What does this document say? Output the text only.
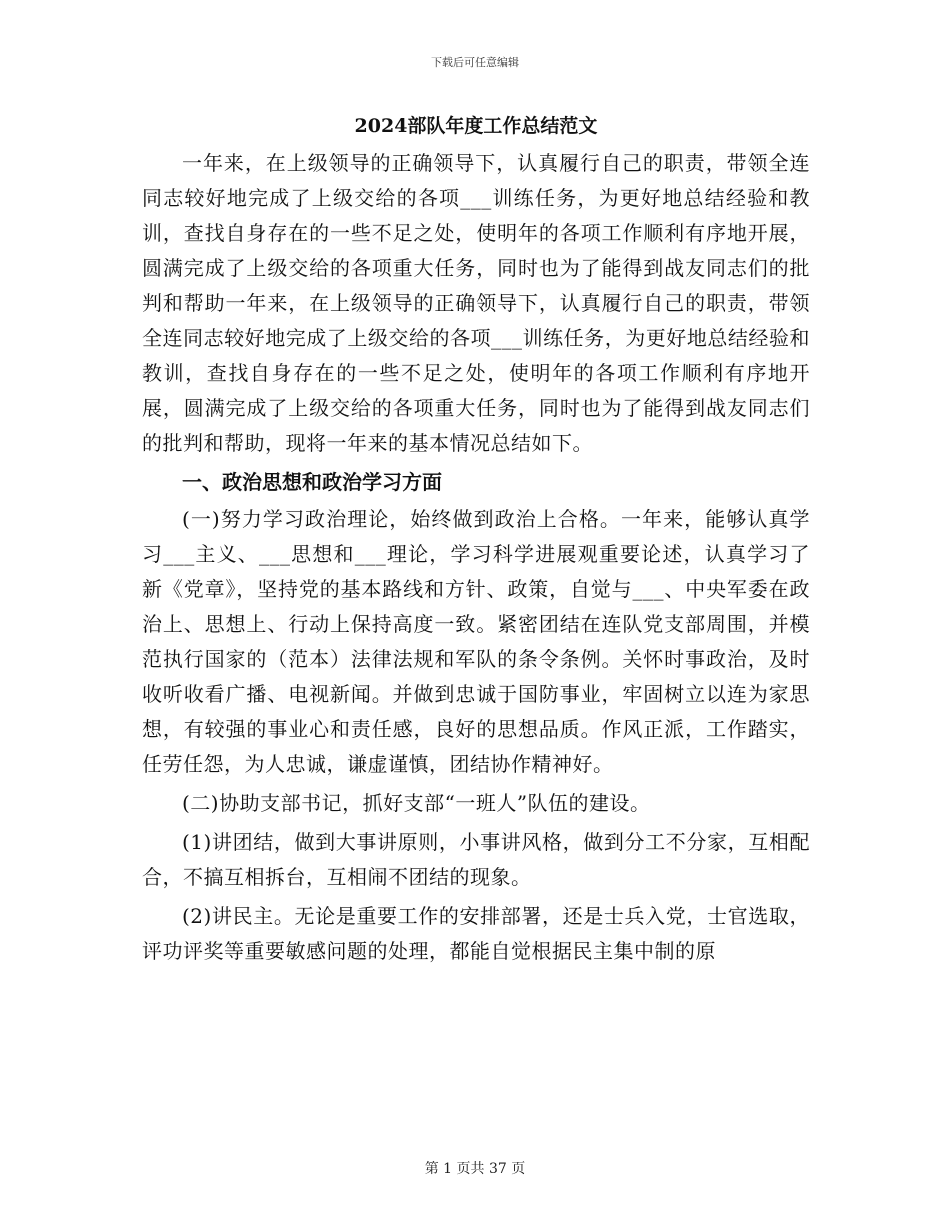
下载后可任意编辑
2024部队年度工作总结范文

一年来，在上级领导的正确领导下，认真履行自己的职责，带领全连同志较好地完成了上级交给的各项___训练任务，为更好地总结经验和教训，查找自身存在的一些不足之处，使明年的各项工作顺利有序地开展，圆满完成了上级交给的各项重大任务，同时也为了能得到战友同志们的批判和帮助一年来，在上级领导的正确领导下，认真履行自己的职责，带领全连同志较好地完成了上级交给的各项___训练任务，为更好地总结经验和教训，查找自身存在的一些不足之处，使明年的各项工作顺利有序地开展，圆满完成了上级交给的各项重大任务，同时也为了能得到战友同志们的批判和帮助，现将一年来的基本情况总结如下。

一、政治思想和政治学习方面

(一)努力学习政治理论，始终做到政治上合格。一年来，能够认真学习___主义、___思想和___理论，学习科学进展观重要论述，认真学习了新《党章》，坚持党的基本路线和方针、政策，自觉与___、中央军委在政治上、思想上、行动上保持高度一致。紧密团结在连队党支部周围，并模范执行国家的（范本）法律法规和军队的条令条例。关怀时事政治，及时收听收看广播、电视新闻。并做到忠诚于国防事业，牢固树立以连为家思想，有较强的事业心和责任感，良好的思想品质。作风正派，工作踏实，任劳任怨，为人忠诚，谦虚谨慎，团结协作精神好。

(二)协助支部书记，抓好支部“一班人”队伍的建设。

(1)讲团结，做到大事讲原则，小事讲风格，做到分工不分家，互相配合，不搞互相拆台，互相闹不团结的现象。

(2)讲民主。无论是重要工作的安排部署，还是士兵入党，士官选取，评功评奖等重要敏感问题的处理，都能自觉根据民主集中制的原

第 1 页共 37 页
